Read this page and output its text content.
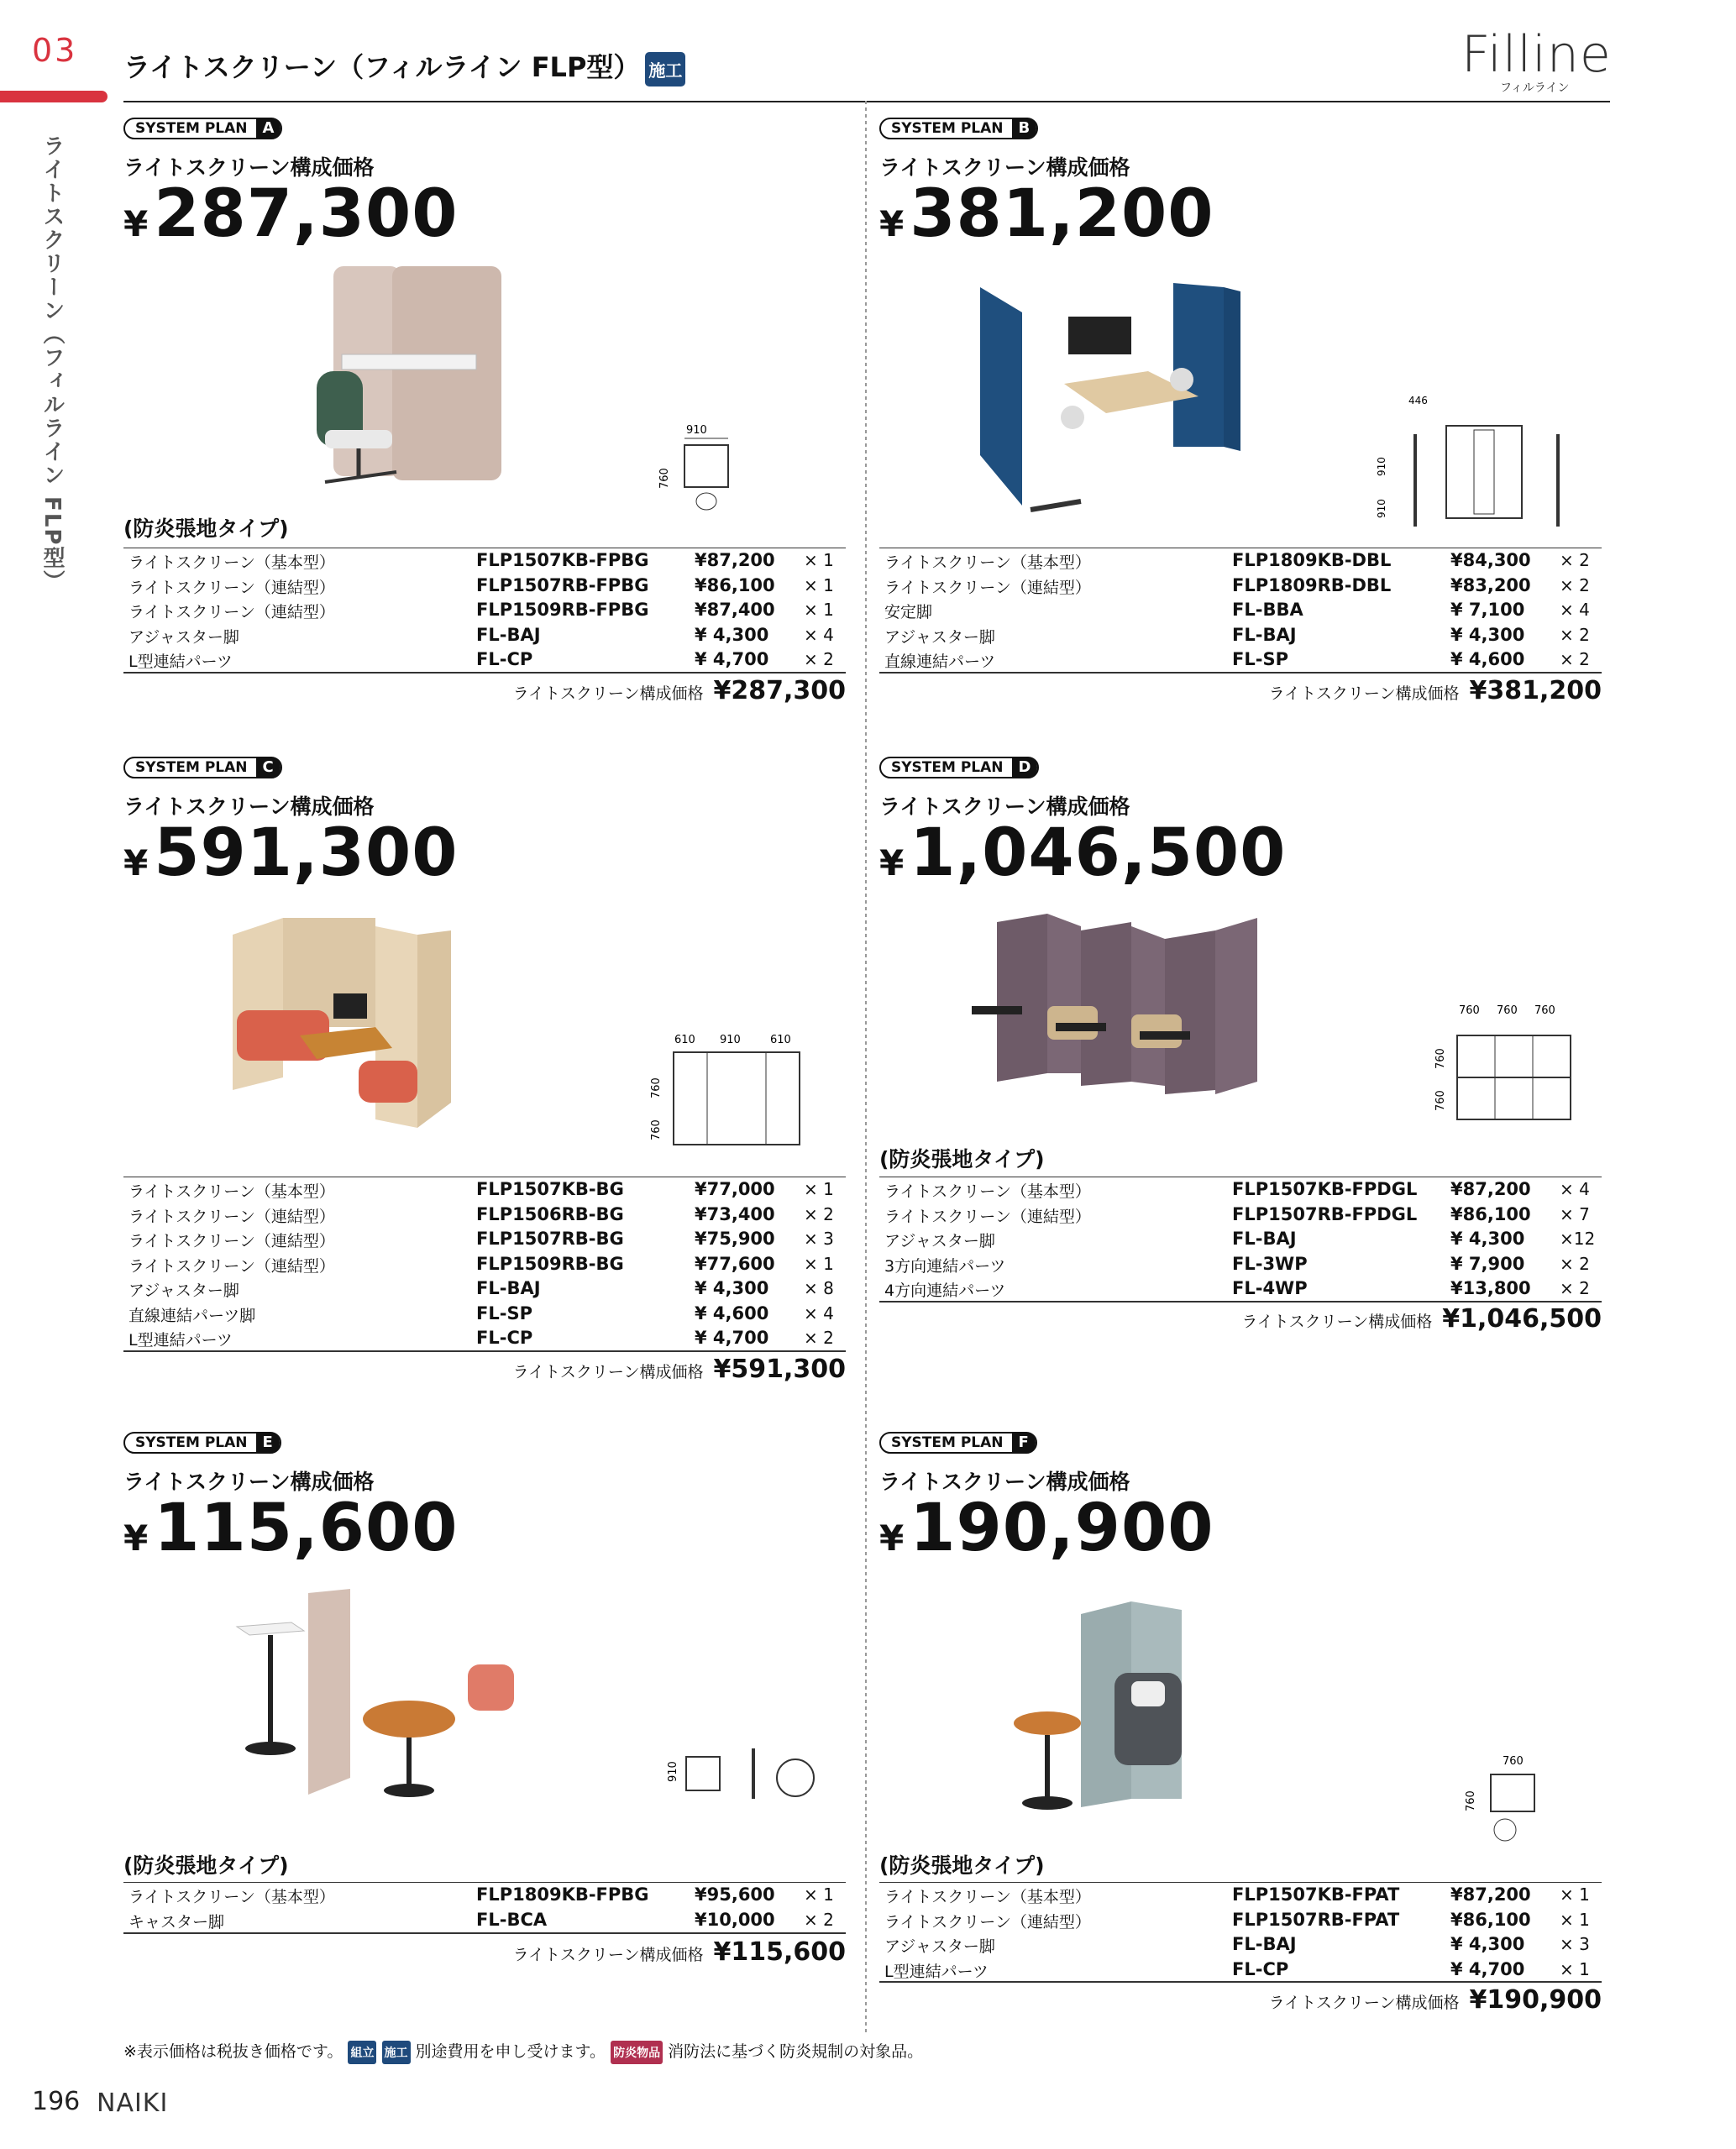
03
ライトスクリーン（フィルライン FLP型）
ライトスクリーン（フィルライン FLP型） 施工	Filline
フィルライン
SYSTEM PLAN	A
ライトスクリーン構成価格
¥287,300
910
760
(防炎張地タイプ)
ライトスクリーン（基本型）	FLP1507KB-FPBG	¥87,200	× 1
ライトスクリーン（連結型）	FLP1507RB-FPBG	¥86,100	× 1
ライトスクリーン（連結型）	FLP1509RB-FPBG	¥87,400	× 1
アジャスター脚	FL-BAJ	¥ 4,300	× 4
L型連結パーツ	FL-CP	¥ 4,700	× 2
ライトスクリーン構成価格 ¥287,300
SYSTEM PLAN	B
ライトスクリーン構成価格
¥381,200
446
910
910
ライトスクリーン（基本型）	FLP1809KB-DBL	¥84,300	× 2
ライトスクリーン（連結型）	FLP1809RB-DBL	¥83,200	× 2
安定脚	FL-BBA	¥ 7,100	× 4
アジャスター脚	FL-BAJ	¥ 4,300	× 2
直線連結パーツ	FL-SP	¥ 4,600	× 2
ライトスクリーン構成価格 ¥381,200
SYSTEM PLAN	C
ライトスクリーン構成価格
¥591,300
610 910	610
760
760
ライトスクリーン（基本型）	FLP1507KB-BG	¥77,000	× 1
ライトスクリーン（連結型）	FLP1506RB-BG	¥73,400	× 2
ライトスクリーン（連結型）	FLP1507RB-BG	¥75,900	× 3
ライトスクリーン（連結型）	FLP1509RB-BG	¥77,600	× 1
アジャスター脚	FL-BAJ	¥ 4,300	× 8
直線連結パーツ脚	FL-SP	¥ 4,600	× 4
L型連結パーツ	FL-CP	¥ 4,700	× 2
ライトスクリーン構成価格 ¥591,300
SYSTEM PLAN	D
ライトスクリーン構成価格
¥1,046,500
760 760 760
760
760
(防炎張地タイプ)
ライトスクリーン（基本型）	FLP1507KB-FPDGL ¥87,200	× 4
ライトスクリーン（連結型）	FLP1507RB-FPDGL ¥86,100	× 7
アジャスター脚	FL-BAJ	¥ 4,300	×12
3方向連結パーツ	FL-3WP	¥ 7,900	× 2
4方向連結パーツ	FL-4WP	¥13,800	× 2
ライトスクリーン構成価格 ¥1,046,500
SYSTEM PLAN	E
ライトスクリーン構成価格
¥115,600
910
(防炎張地タイプ)
ライトスクリーン（基本型）	FLP1809KB-FPBG	¥95,600	× 1
キャスター脚	FL-BCA	¥10,000	× 2
ライトスクリーン構成価格 ¥115,600
SYSTEM PLAN	F
ライトスクリーン構成価格
¥190,900
760
760
(防炎張地タイプ)
ライトスクリーン（基本型）	FLP1507KB-FPAT	¥87,200	× 1
ライトスクリーン（連結型）	FLP1507RB-FPAT	¥86,100	× 1
アジャスター脚	FL-BAJ	¥ 4,300	× 3
L型連結パーツ	FL-CP	¥ 4,700	× 1
ライトスクリーン構成価格 ¥190,900
※表示価格は税抜き価格です。 組立 施工 別途費用を申し受けます。 防炎物品 消防法に基づく防炎規制の対象品。
196 NAIKI
